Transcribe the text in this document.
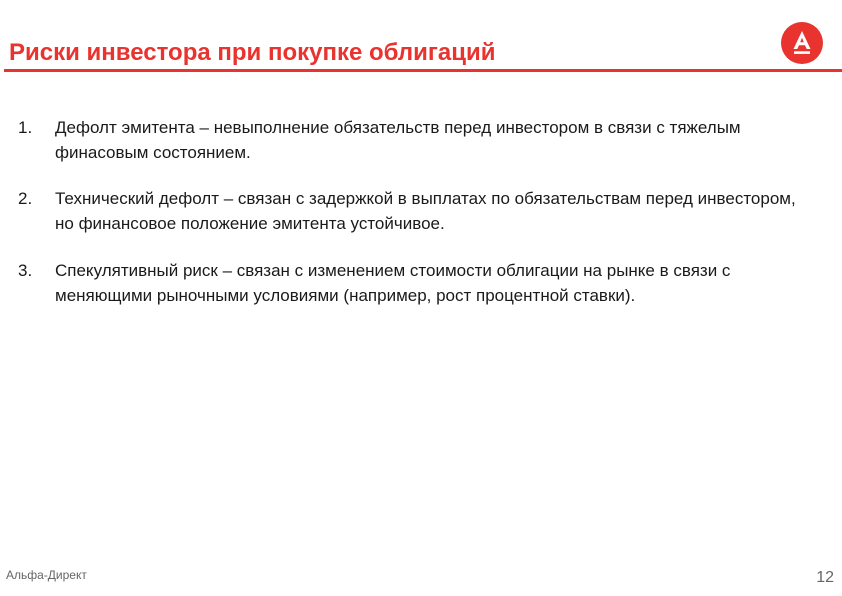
Риски инвестора при покупке облигаций
1.	Дефолт эмитента – невыполнение обязательств перед инвестором в связи с тяжелым финасовым состоянием.
2.	Технический дефолт – связан с задержкой в выплатах по обязательствам перед инвестором, но финансовое положение эмитента устойчивое.
3.	Спекулятивный риск – связан с изменением стоимости облигации на рынке в связи с меняющими рыночными условиями (например, рост процентной ставки).
Альфа-Директ	12
